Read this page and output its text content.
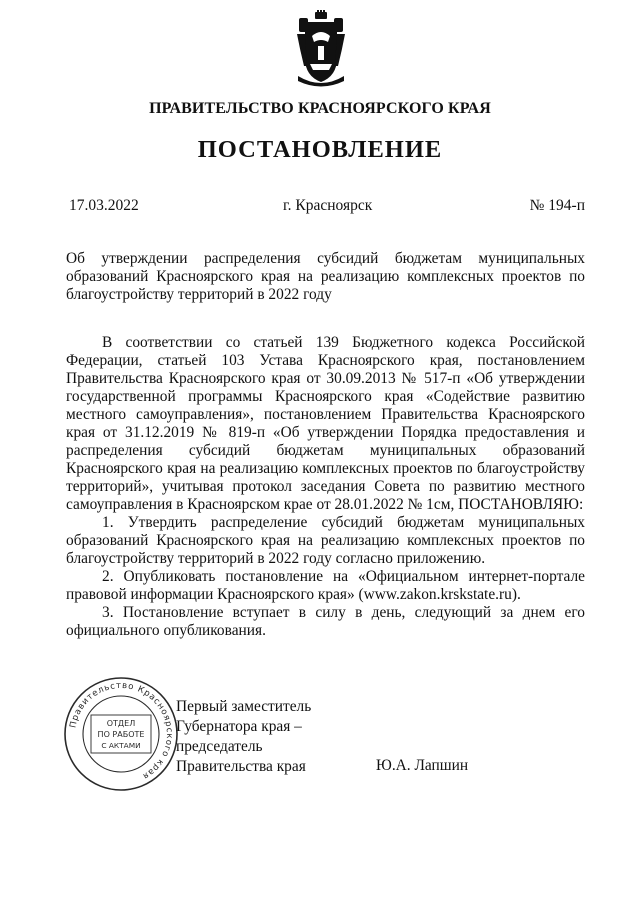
ПРАВИТЕЛЬСТВО КРАСНОЯРСКОГО КРАЯ
ПОСТАНОВЛЕНИЕ
17.03.2022	г. Красноярск	№ 194-п
Об утверждении распределения субсидий бюджетам муниципальных образований Красноярского края на реализацию комплексных проектов по благоустройству территорий в 2022 году

В соответствии со статьей 139 Бюджетного кодекса Российской Федерации, статьей 103 Устава Красноярского края, постановлением Правительства Красноярского края от 30.09.2013 № 517-п «Об утверждении государственной программы Красноярского края «Содействие развитию местного самоуправления», постановлением Правительства Красноярского края от 31.12.2019 № 819-п «Об утверждении Порядка предоставления и распределения субсидий бюджетам муниципальных образований Красноярского края на реализацию комплексных проектов по благоустройству территорий», учитывая протокол заседания Совета по развитию местного самоуправления в Красноярском крае от 28.01.2022 № 1см, ПОСТАНОВЛЯЮ:

1. Утвердить распределение субсидий бюджетам муниципальных образований Красноярского края на реализацию комплексных проектов по благоустройству территорий в 2022 году согласно приложению.

2. Опубликовать постановление на «Официальном интернет-портале правовой информации Красноярского края» (www.zakon.krskstate.ru).

3. Постановление вступает в силу в день, следующий за днем его официального опубликования.

Правительство Красноярского края
ОТДЕЛ
ПО РАБОТЕ
С АКТАМИ
Первый заместитель
Губернатора края –
председатель
Правительства края	Ю.А. Лапшин
